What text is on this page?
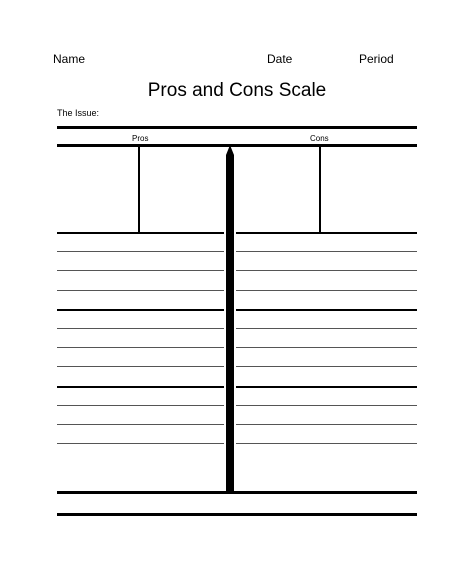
Name	Date	Period
Pros and Cons Scale
The Issue:
Pros	Cons
